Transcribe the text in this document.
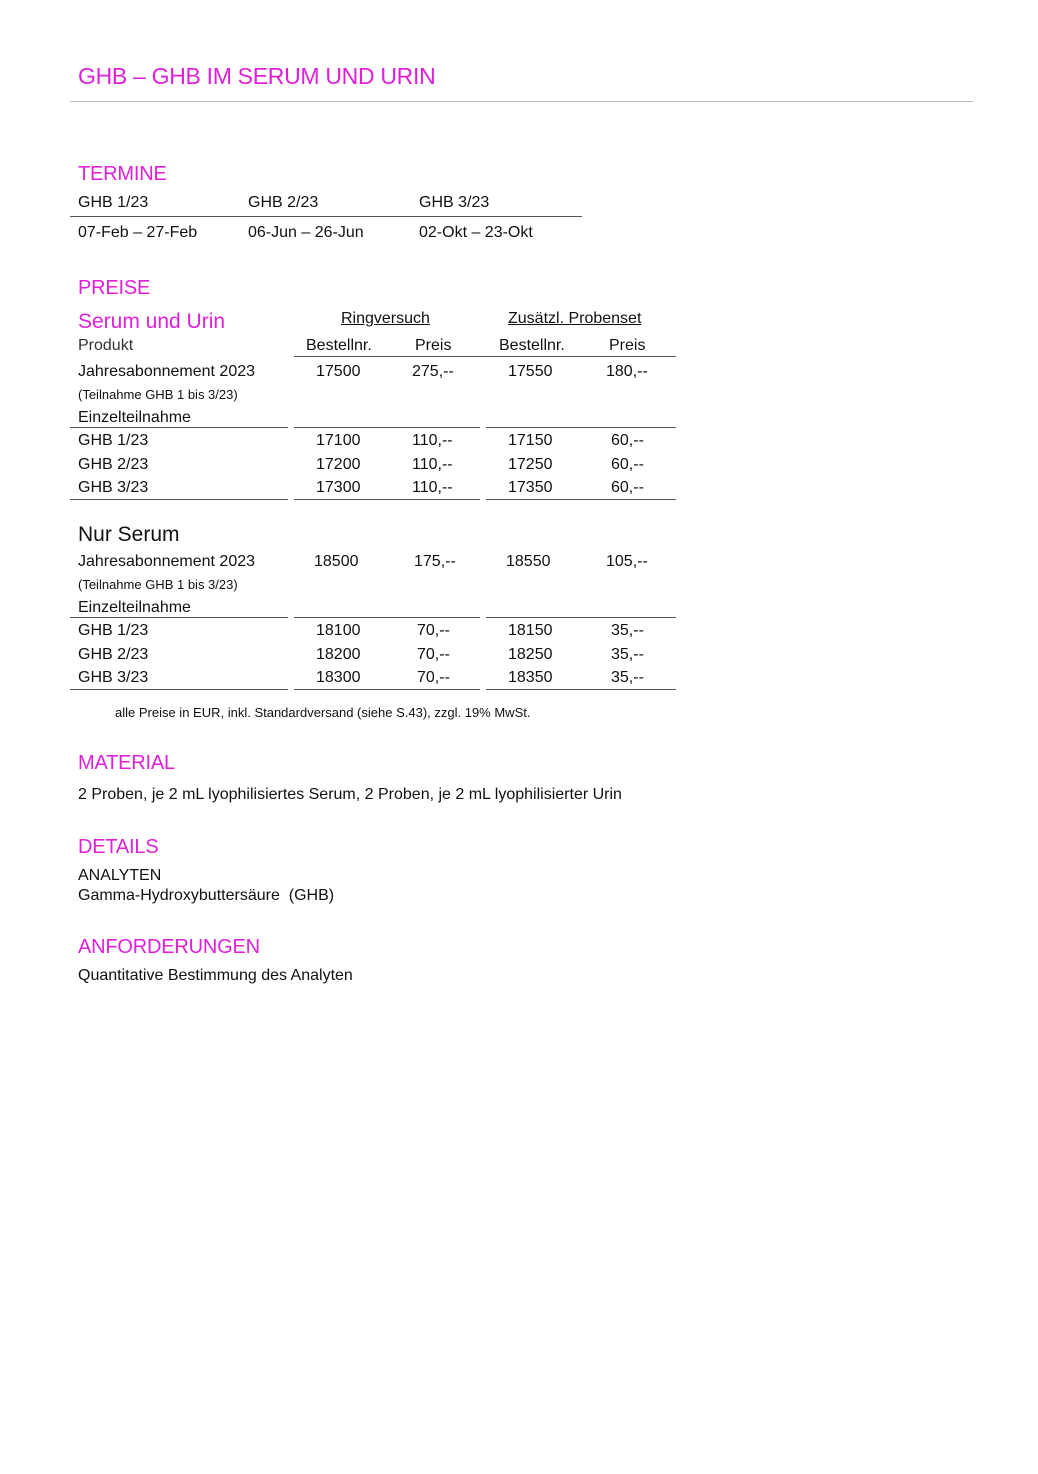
GHB – GHB IM SERUM UND URIN
TERMINE
GHB 1/23	GHB 2/23	GHB 3/23
07-Feb – 27-Feb	06-Jun – 26-Jun	02-Okt – 23-Okt
PREISE
Serum und Urin	Ringversuch	Zusätzl. Probenset
Produkt	Bestellnr.	Preis	Bestellnr.	Preis
Jahresabonnement 2023	17500	275,--	17550	180,--
(Teilnahme GHB 1 bis 3/23)
Einzelteilnahme
GHB 1/23	17100	110,--	17150	60,--
GHB 2/23	17200	110,--	17250	60,--
GHB 3/23	17300	110,--	17350	60,--
Nur Serum
Jahresabonnement 2023	18500	175,--	18550	105,--
(Teilnahme GHB 1 bis 3/23)
Einzelteilnahme
GHB 1/23	18100	70,--	18150	35,--
GHB 2/23	18200	70,--	18250	35,--
GHB 3/23	18300	70,--	18350	35,--
alle Preise in EUR, inkl. Standardversand (siehe S.43), zzgl. 19% MwSt.
MATERIAL
2 Proben, je 2 mL lyophilisiertes Serum, 2 Proben, je 2 mL lyophilisierter Urin
DETAILS
ANALYTEN
Gamma-Hydroxybuttersäure  (GHB)
ANFORDERUNGEN
Quantitative Bestimmung des Analyten
